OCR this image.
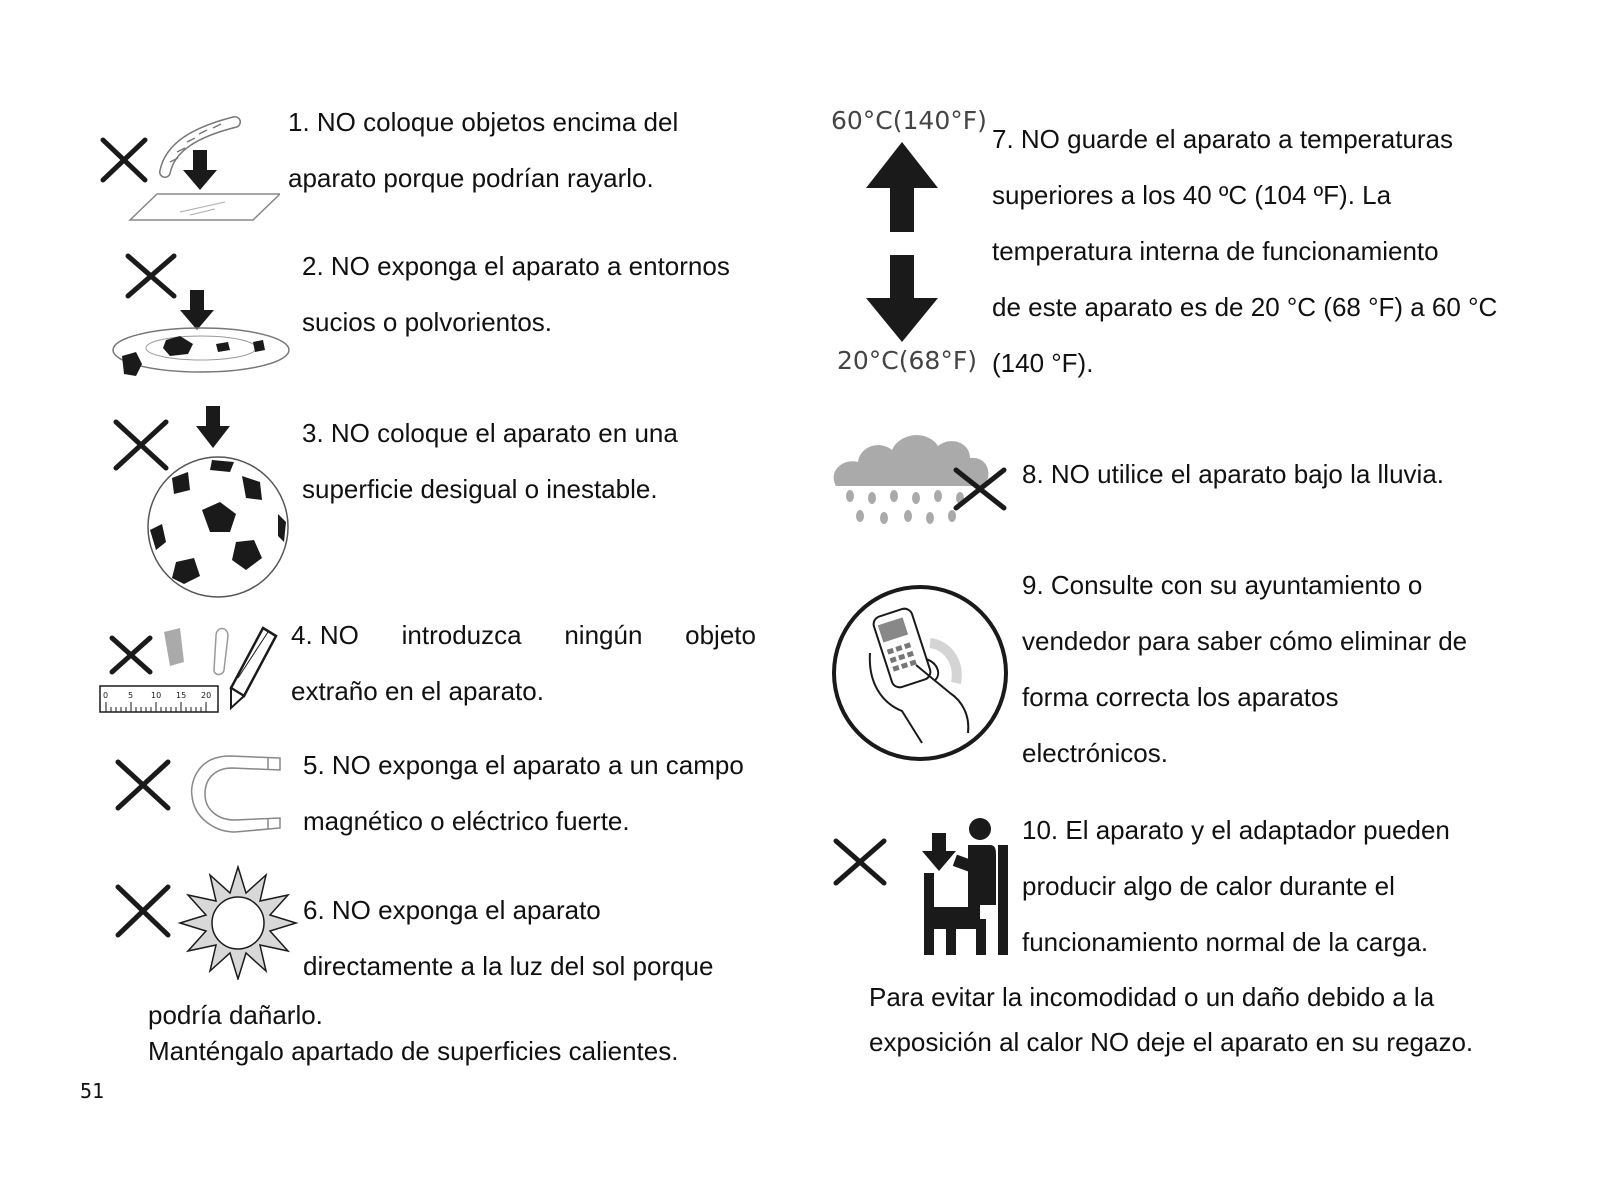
0 5 10 15 20
1. NO coloque objetos encima del
aparato porque podrían rayarlo.
2. NO exponga el aparato a entornos
sucios o polvorientos.
3. NO coloque el aparato en una
superficie desigual o inestable.
4. NO introduzca ningún objeto
extraño en el aparato.
5. NO exponga el aparato a un campo
magnético o eléctrico fuerte.
6. NO exponga el aparato
directamente a la luz del sol porque
podría dañarlo.
Manténgalo apartado de superficies calientes.
51
60°C(140°F)
20°C(68°F)
7. NO guarde el aparato a temperaturas
superiores a los 40 ºC (104 ºF). La
temperatura interna de funcionamiento
de este aparato es de 20 °C (68 °F) a 60 °C
(140 °F).
8. NO utilice el aparato bajo la lluvia.
9. Consulte con su ayuntamiento o
vendedor para saber cómo eliminar de
forma correcta los aparatos
electrónicos.
10. El aparato y el adaptador pueden
producir algo de calor durante el
funcionamiento normal de la carga.
Para evitar la incomodidad o un daño debido a la
exposición al calor NO deje el aparato en su regazo.
